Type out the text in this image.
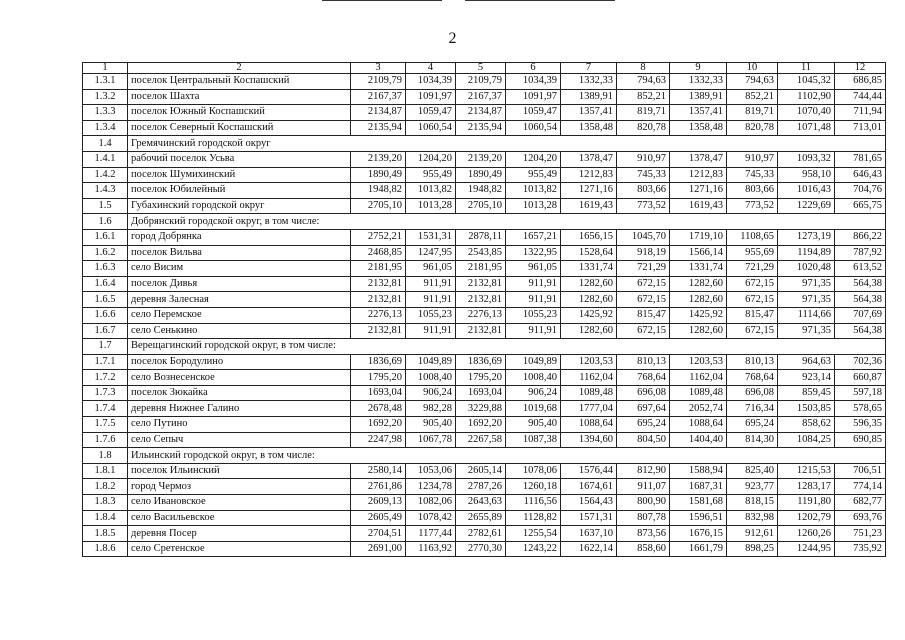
2
1	2	3	4	5	6	7	8	9	10	11	12
1.3.1	поселок Центральный Коспашский	2109,79	1034,39	2109,79	1034,39	1332,33	794,63	1332,33	794,63	1045,32	686,85
1.3.2	поселок Шахта	2167,37	1091,97	2167,37	1091,97	1389,91	852,21	1389,91	852,21	1102,90	744,44
1.3.3	поселок Южный Коспашский	2134,87	1059,47	2134,87	1059,47	1357,41	819,71	1357,41	819,71	1070,40	711,94
1.3.4	поселок Северный Коспашский	2135,94	1060,54	2135,94	1060,54	1358,48	820,78	1358,48	820,78	1071,48	713,01
1.4	Гремячинский городской округ										
1.4.1	рабочий поселок Усьва	2139,20	1204,20	2139,20	1204,20	1378,47	910,97	1378,47	910,97	1093,32	781,65
1.4.2	поселок Шумихинский	1890,49	955,49	1890,49	955,49	1212,83	745,33	1212,83	745,33	958,10	646,43
1.4.3	поселок Юбилейный	1948,82	1013,82	1948,82	1013,82	1271,16	803,66	1271,16	803,66	1016,43	704,76
1.5	Губахинский городской округ	2705,10	1013,28	2705,10	1013,28	1619,43	773,52	1619,43	773,52	1229,69	665,75
1.6	Добрянский городской округ, в том числе:										
1.6.1	город Добрянка	2752,21	1531,31	2878,11	1657,21	1656,15	1045,70	1719,10	1108,65	1273,19	866,22
1.6.2	поселок Вильва	2468,85	1247,95	2543,85	1322,95	1528,64	918,19	1566,14	955,69	1194,89	787,92
1.6.3	село Висим	2181,95	961,05	2181,95	961,05	1331,74	721,29	1331,74	721,29	1020,48	613,52
1.6.4	поселок Дивья	2132,81	911,91	2132,81	911,91	1282,60	672,15	1282,60	672,15	971,35	564,38
1.6.5	деревня Залесная	2132,81	911,91	2132,81	911,91	1282,60	672,15	1282,60	672,15	971,35	564,38
1.6.6	село Перемское	2276,13	1055,23	2276,13	1055,23	1425,92	815,47	1425,92	815,47	1114,66	707,69
1.6.7	село Сенькино	2132,81	911,91	2132,81	911,91	1282,60	672,15	1282,60	672,15	971,35	564,38
1.7	Верещагинский городской округ, в том числе:										
1.7.1	поселок Бородулино	1836,69	1049,89	1836,69	1049,89	1203,53	810,13	1203,53	810,13	964,63	702,36
1.7.2	село Вознесенское	1795,20	1008,40	1795,20	1008,40	1162,04	768,64	1162,04	768,64	923,14	660,87
1.7.3	поселок Зюкайка	1693,04	906,24	1693,04	906,24	1089,48	696,08	1089,48	696,08	859,45	597,18
1.7.4	деревня Нижнее Галино	2678,48	982,28	3229,88	1019,68	1777,04	697,64	2052,74	716,34	1503,85	578,65
1.7.5	село Путино	1692,20	905,40	1692,20	905,40	1088,64	695,24	1088,64	695,24	858,62	596,35
1.7.6	село Сепыч	2247,98	1067,78	2267,58	1087,38	1394,60	804,50	1404,40	814,30	1084,25	690,85
1.8	Ильинский городской округ, в том числе:										
1.8.1	поселок Ильинский	2580,14	1053,06	2605,14	1078,06	1576,44	812,90	1588,94	825,40	1215,53	706,51
1.8.2	город Чермоз	2761,86	1234,78	2787,26	1260,18	1674,61	911,07	1687,31	923,77	1283,17	774,14
1.8.3	село Ивановское	2609,13	1082,06	2643,63	1116,56	1564,43	800,90	1581,68	818,15	1191,80	682,77
1.8.4	село Васильевское	2605,49	1078,42	2655,89	1128,82	1571,31	807,78	1596,51	832,98	1202,79	693,76
1.8.5	деревня Посер	2704,51	1177,44	2782,61	1255,54	1637,10	873,56	1676,15	912,61	1260,26	751,23
1.8.6	село Сретенское	2691,00	1163,92	2770,30	1243,22	1622,14	858,60	1661,79	898,25	1244,95	735,92
